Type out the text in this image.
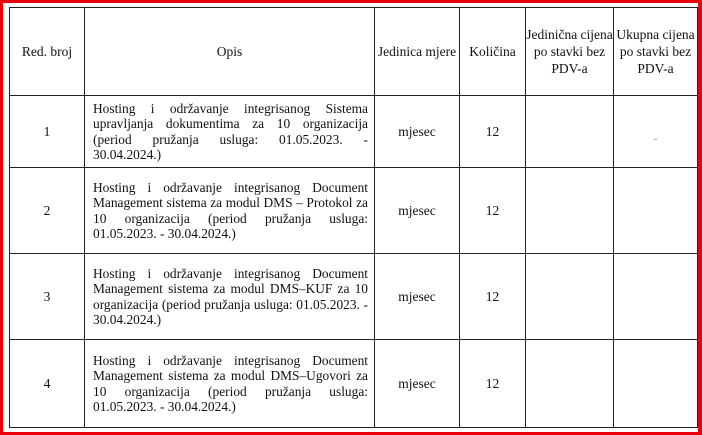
Red. broj	Opis	Jedinica mjere	Količina	Jedinična cijena po stavki bez PDV-a	Ukupna cijena po stavki bez PDV-a
1	Hosting i održavanje integrisanog Sistema upravljanja dokumentima za 10 organizacija (period pružanja usluga: 01.05.2023. - 30.04.2024.)	mjesec	12		-
2	Hosting i održavanje integrisanog Document Management sistema za modul DMS – Protokol za 10 organizacija (period pružanja usluga: 01.05.2023. - 30.04.2024.)	mjesec	12		
3	Hosting i održavanje integrisanog Document Management sistema za modul DMS–KUF za 10 organizacija (period pružanja usluga: 01.05.2023. - 30.04.2024.)	mjesec	12		
4	Hosting i održavanje integrisanog Document Management sistema za modul DMS–Ugovori za 10 organizacija (period pružanja usluga: 01.05.2023. - 30.04.2024.)	mjesec	12		
